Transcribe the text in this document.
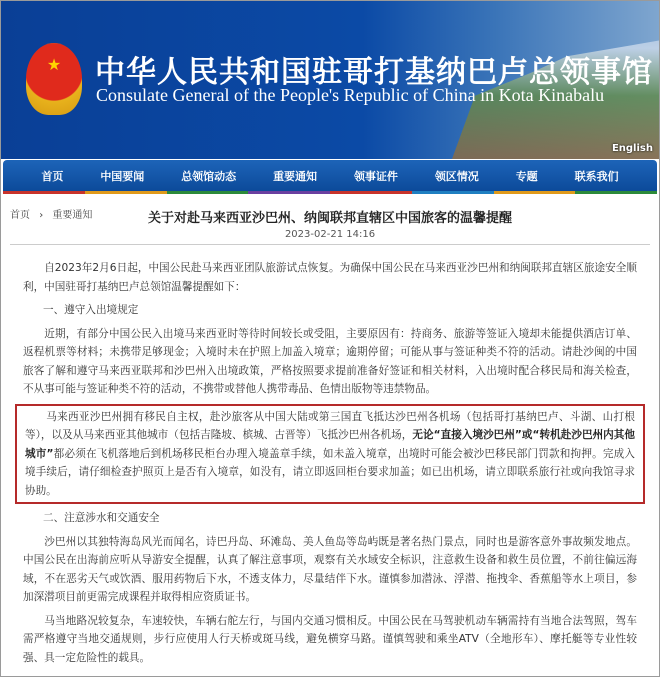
★	中华人民共和国驻哥打基纳巴卢总领事馆
Consulate General of the People's Republic of China in Kota Kinabalu
English
首页	中国要闻	总领馆动态	重要通知	领事证件	领区情况	专题	联系我们
首页 › 重要通知	关于对赴马来西亚沙巴州、纳闽联邦直辖区中国旅客的温馨提醒
2023-02-21 14:16

自2023年2月6日起，中国公民赴马来西亚团队旅游试点恢复。为确保中国公民在马来西亚沙巴州和纳闽联邦直辖区旅途安全顺利，中国驻哥打基纳巴卢总领馆温馨提醒如下：

一、遵守入出境规定

近期，有部分中国公民入出境马来西亚时等待时间较长或受阻，主要原因有：持商务、旅游等签证入境却未能提供酒店订单、返程机票等材料；未携带足够现金；入境时未在护照上加盖入境章；逾期停留；可能从事与签证种类不符的活动。请赴沙闽的中国旅客了解和遵守马来西亚联邦和沙巴州入出境政策，严格按照要求提前准备好签证和相关材料，入出境时配合移民局和海关检查，不从事可能与签证种类不符的活动，不携带或替他人携带毒品、色情出版物等违禁物品。

马来西亚沙巴州拥有移民自主权，赴沙旅客从中国大陆或第三国直飞抵达沙巴州各机场（包括哥打基纳巴卢、斗湖、山打根等），以及从马来西亚其他城市（包括吉隆坡、槟城、古晋等）飞抵沙巴州各机场，无论“直接入境沙巴州”或“转机赴沙巴州内其他城市”都必须在飞机落地后到机场移民柜台办理入境盖章手续，如未盖入境章，出境时可能会被沙巴移民部门罚款和拘押。完成入境手续后，请仔细检查护照页上是否有入境章，如没有，请立即返回柜台要求加盖；如已出机场，请立即联系旅行社或向我馆寻求协助。

二、注意涉水和交通安全

沙巴州以其独特海岛风光而闻名，诗巴丹岛、环滩岛、美人鱼岛等岛屿既是著名热门景点，同时也是游客意外事故频发地点。中国公民在出海前应听从导游安全提醒，认真了解注意事项，观察有关水域安全标识，注意救生设备和救生员位置，不前往偏远海域，不在恶劣天气或饮酒、服用药物后下水，不透支体力，尽量结伴下水。谨慎参加潜泳、浮潜、拖拽伞、香蕉船等水上项目，参加深潜项目前更需完成课程并取得相应资质证书。

马当地路况较复杂，车速较快，车辆右舵左行，与国内交通习惯相反。中国公民在马驾驶机动车辆需持有当地合法驾照，驾车需严格遵守当地交通规则，步行应使用人行天桥或斑马线，避免横穿马路。谨慎驾驶和乘坐ATV（全地形车）、摩托艇等专业性较强、具一定危险性的载具。
